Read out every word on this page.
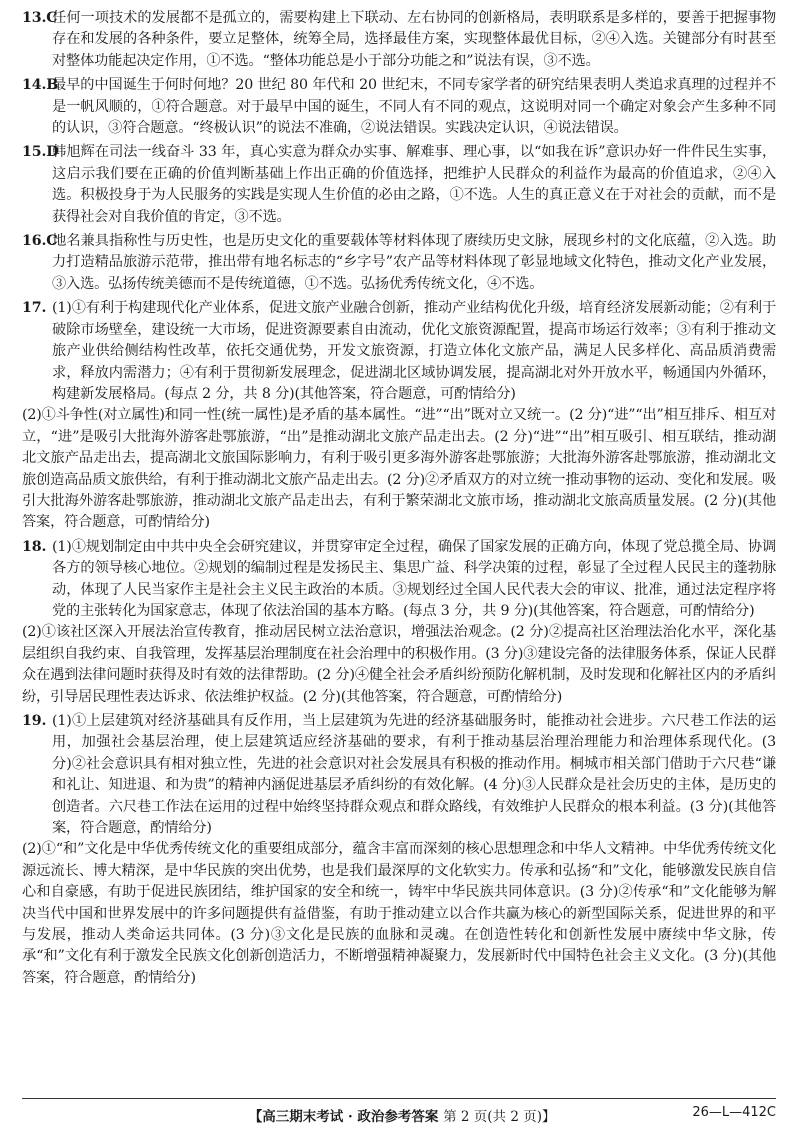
13.C任何一项技术的发展都不是孤立的，需要构建上下联动、左右协同的创新格局，表明联系是多样的，要善于把握事物存在和发展的各种条件，要立足整体，统筹全局，选择最佳方案，实现整体最优目标，②④入选。关键部分有时甚至对整体功能起决定作用，①不选。“整体功能总是小于部分功能之和”说法有误，③不选。

14.B最早的中国诞生于何时何地？20 世纪 80 年代和 20 世纪末，不同专家学者的研究结果表明人类追求真理的过程并不是一帆风顺的，①符合题意。对于最早中国的诞生，不同人有不同的观点，这说明对同一个确定对象会产生多种不同的认识，③符合题意。“终极认识”的说法不准确，②说法错误。实践决定认识，④说法错误。

15.D韩旭辉在司法一线奋斗 33 年，真心实意为群众办实事、解难事、理心事，以“如我在诉”意识办好一件件民生实事，这启示我们要在正确的价值判断基础上作出正确的价值选择，把维护人民群众的利益作为最高的价值追求，②④入选。积极投身于为人民服务的实践是实现人生价值的必由之路，①不选。人生的真正意义在于对社会的贡献，而不是获得社会对自我价值的肯定，③不选。

16.C地名兼具指称性与历史性，也是历史文化的重要载体等材料体现了赓续历史文脉，展现乡村的文化底蕴，②入选。助力打造精品旅游示范带，推出带有地名标志的“乡字号”农产品等材料体现了彰显地域文化特色，推动文化产业发展，③入选。弘扬传统美德而不是传统道德，①不选。弘扬优秀传统文化，④不选。

17. (1)①有利于构建现代化产业体系，促进文旅产业融合创新，推动产业结构优化升级，培育经济发展新动能；②有利于破除市场壁垒，建设统一大市场，促进资源要素自由流动，优化文旅资源配置，提高市场运行效率；③有利于推动文旅产业供给侧结构性改革，依托交通优势，开发文旅资源，打造立体化文旅产品，满足人民多样化、高品质消费需求，释放内需潜力；④有利于贯彻新发展理念，促进湖北区域协调发展，提高湖北对外开放水平，畅通国内外循环，构建新发展格局。(每点 2 分，共 8 分)(其他答案，符合题意，可酌情给分)

(2)①斗争性(对立属性)和同一性(统一属性)是矛盾的基本属性。“进”“出”既对立又统一。(2 分)“进”“出”相互排斥、相互对立，“进”是吸引大批海外游客赴鄂旅游，“出”是推动湖北文旅产品走出去。(2 分)“进”“出”相互吸引、相互联结，推动湖北文旅产品走出去，提高湖北文旅国际影响力，有利于吸引更多海外游客赴鄂旅游；大批海外游客赴鄂旅游，推动湖北文旅创造高品质文旅供给，有利于推动湖北文旅产品走出去。(2 分)②矛盾双方的对立统一推动事物的运动、变化和发展。吸引大批海外游客赴鄂旅游，推动湖北文旅产品走出去，有利于繁荣湖北文旅市场，推动湖北文旅高质量发展。(2 分)(其他答案，符合题意，可酌情给分)

18. (1)①规划制定由中共中央全会研究建议，并贯穿审定全过程，确保了国家发展的正确方向，体现了党总揽全局、协调各方的领导核心地位。②规划的编制过程是发扬民主、集思广益、科学决策的过程，彰显了全过程人民民主的蓬勃脉动，体现了人民当家作主是社会主义民主政治的本质。③规划经过全国人民代表大会的审议、批准，通过法定程序将党的主张转化为国家意志，体现了依法治国的基本方略。(每点 3 分，共 9 分)(其他答案，符合题意，可酌情给分)

(2)①该社区深入开展法治宣传教育，推动居民树立法治意识，增强法治观念。(2 分)②提高社区治理法治化水平，深化基层组织自我约束、自我管理，发挥基层治理制度在社会治理中的积极作用。(3 分)③建设完备的法律服务体系，保证人民群众在遇到法律问题时获得及时有效的法律帮助。(2 分)④健全社会矛盾纠纷预防化解机制，及时发现和化解社区内的矛盾纠纷，引导居民理性表达诉求、依法维护权益。(2 分)(其他答案，符合题意，可酌情给分)

19. (1)①上层建筑对经济基础具有反作用，当上层建筑为先进的经济基础服务时，能推动社会进步。六尺巷工作法的运用，加强社会基层治理，使上层建筑适应经济基础的要求，有利于推动基层治理治理能力和治理体系现代化。(3 分)②社会意识具有相对独立性，先进的社会意识对社会发展具有积极的推动作用。桐城市相关部门借助于六尺巷“谦和礼让、知进退、和为贵”的精神内涵促进基层矛盾纠纷的有效化解。(4 分)③人民群众是社会历史的主体，是历史的创造者。六尺巷工作法在运用的过程中始终坚持群众观点和群众路线，有效维护人民群众的根本利益。(3 分)(其他答案，符合题意，酌情给分)

(2)①“和”文化是中华优秀传统文化的重要组成部分，蕴含丰富而深刻的核心思想理念和中华人文精神。中华优秀传统文化源远流长、博大精深，是中华民族的突出优势，也是我们最深厚的文化软实力。传承和弘扬“和”文化，能够激发民族自信心和自豪感，有助于促进民族团结，维护国家的安全和统一，铸牢中华民族共同体意识。(3 分)②传承“和”文化能够为解决当代中国和世界发展中的许多问题提供有益借鉴，有助于推动建立以合作共赢为核心的新型国际关系，促进世界的和平与发展，推动人类命运共同体。(3 分)③文化是民族的血脉和灵魂。在创造性转化和创新性发展中赓续中华文脉，传承“和”文化有利于激发全民族文化创新创造活力，不断增强精神凝聚力，发展新时代中国特色社会主义文化。(3 分)(其他答案，符合题意，酌情给分)

【高三期末考试 · 政治参考答案 第 2 页(共 2 页)】	26—L—412C
